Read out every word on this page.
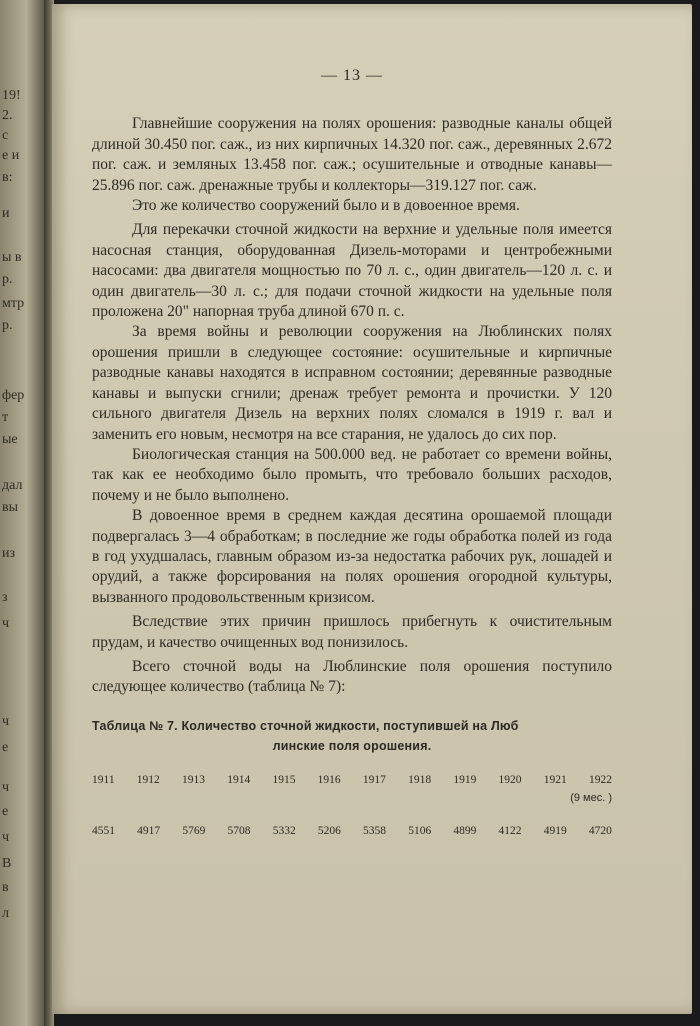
19!
2.
с
е и
в:
и
ы в
р.
мтр
р.
фер
т
ые
дал
вы
из
з
ч
ч
е
ч
е
ч
В
в
л
— 13 —

Главнейшие сооружения на полях орошения: разводные каналы общей длиной 30.450 пог. саж., из них кирпичных 14.320 пог. саж., деревянных 2.672 пог. саж. и земляных 13.458 пог. саж.; осушительные и отводные канавы—25.896 пог. саж. дренажные трубы и коллекторы—319.127 пог. саж.

Это же количество сооружений было и в довоенное время.

Для перекачки сточной жидкости на верхние и удельные поля имеется насосная станция, оборудованная Дизель-моторами и центробежными насосами: два двигателя мощностью по 70 л. с., один двигатель—120 л. с. и один двигатель—30 л. с.; для подачи сточной жидкости на удельные поля проложена 20" напорная труба длиной 670 п. с.

За время войны и революции сооружения на Люблинских полях орошения пришли в следующее состояние: осушительные и кирпичные разводные канавы находятся в исправном состоянии; деревянные разводные канавы и выпуски сгнили; дренаж требует ремонта и прочистки. У 120 сильного двигателя Дизель на верхних полях сломался в 1919 г. вал и заменить его новым, несмотря на все старания, не удалось до сих пор.

Биологическая станция на 500.000 вед. не работает со времени войны, так как ее необходимо было промыть, что требовало больших расходов, почему и не было выполнено.

В довоенное время в среднем каждая десятина орошаемой площади подвергалась 3—4 обработкам; в последние же годы обработка полей из года в год ухудшалась, главным образом из-за недостатка рабочих рук, лошадей и орудий, а также форсирования на полях орошения огородной культуры, вызванного продовольственным кризисом.

Вследствие этих причин пришлось прибегнуть к очистительным прудам, и качество очищенных вод понизилось.

Всего сточной воды на Люблинские поля орошения поступило следующее количество (таблица № 7):

Таблица № 7. Количество сточной жидкости, поступившей на Люб
линские поля орошения.

1911 1912 1913 1914 1915 1916 1917 1918 1919 1920 1921 1922
(9 мес. )
4551 4917 5769 5708 5332 5206 5358 5106 4899 4122 4919 4720
